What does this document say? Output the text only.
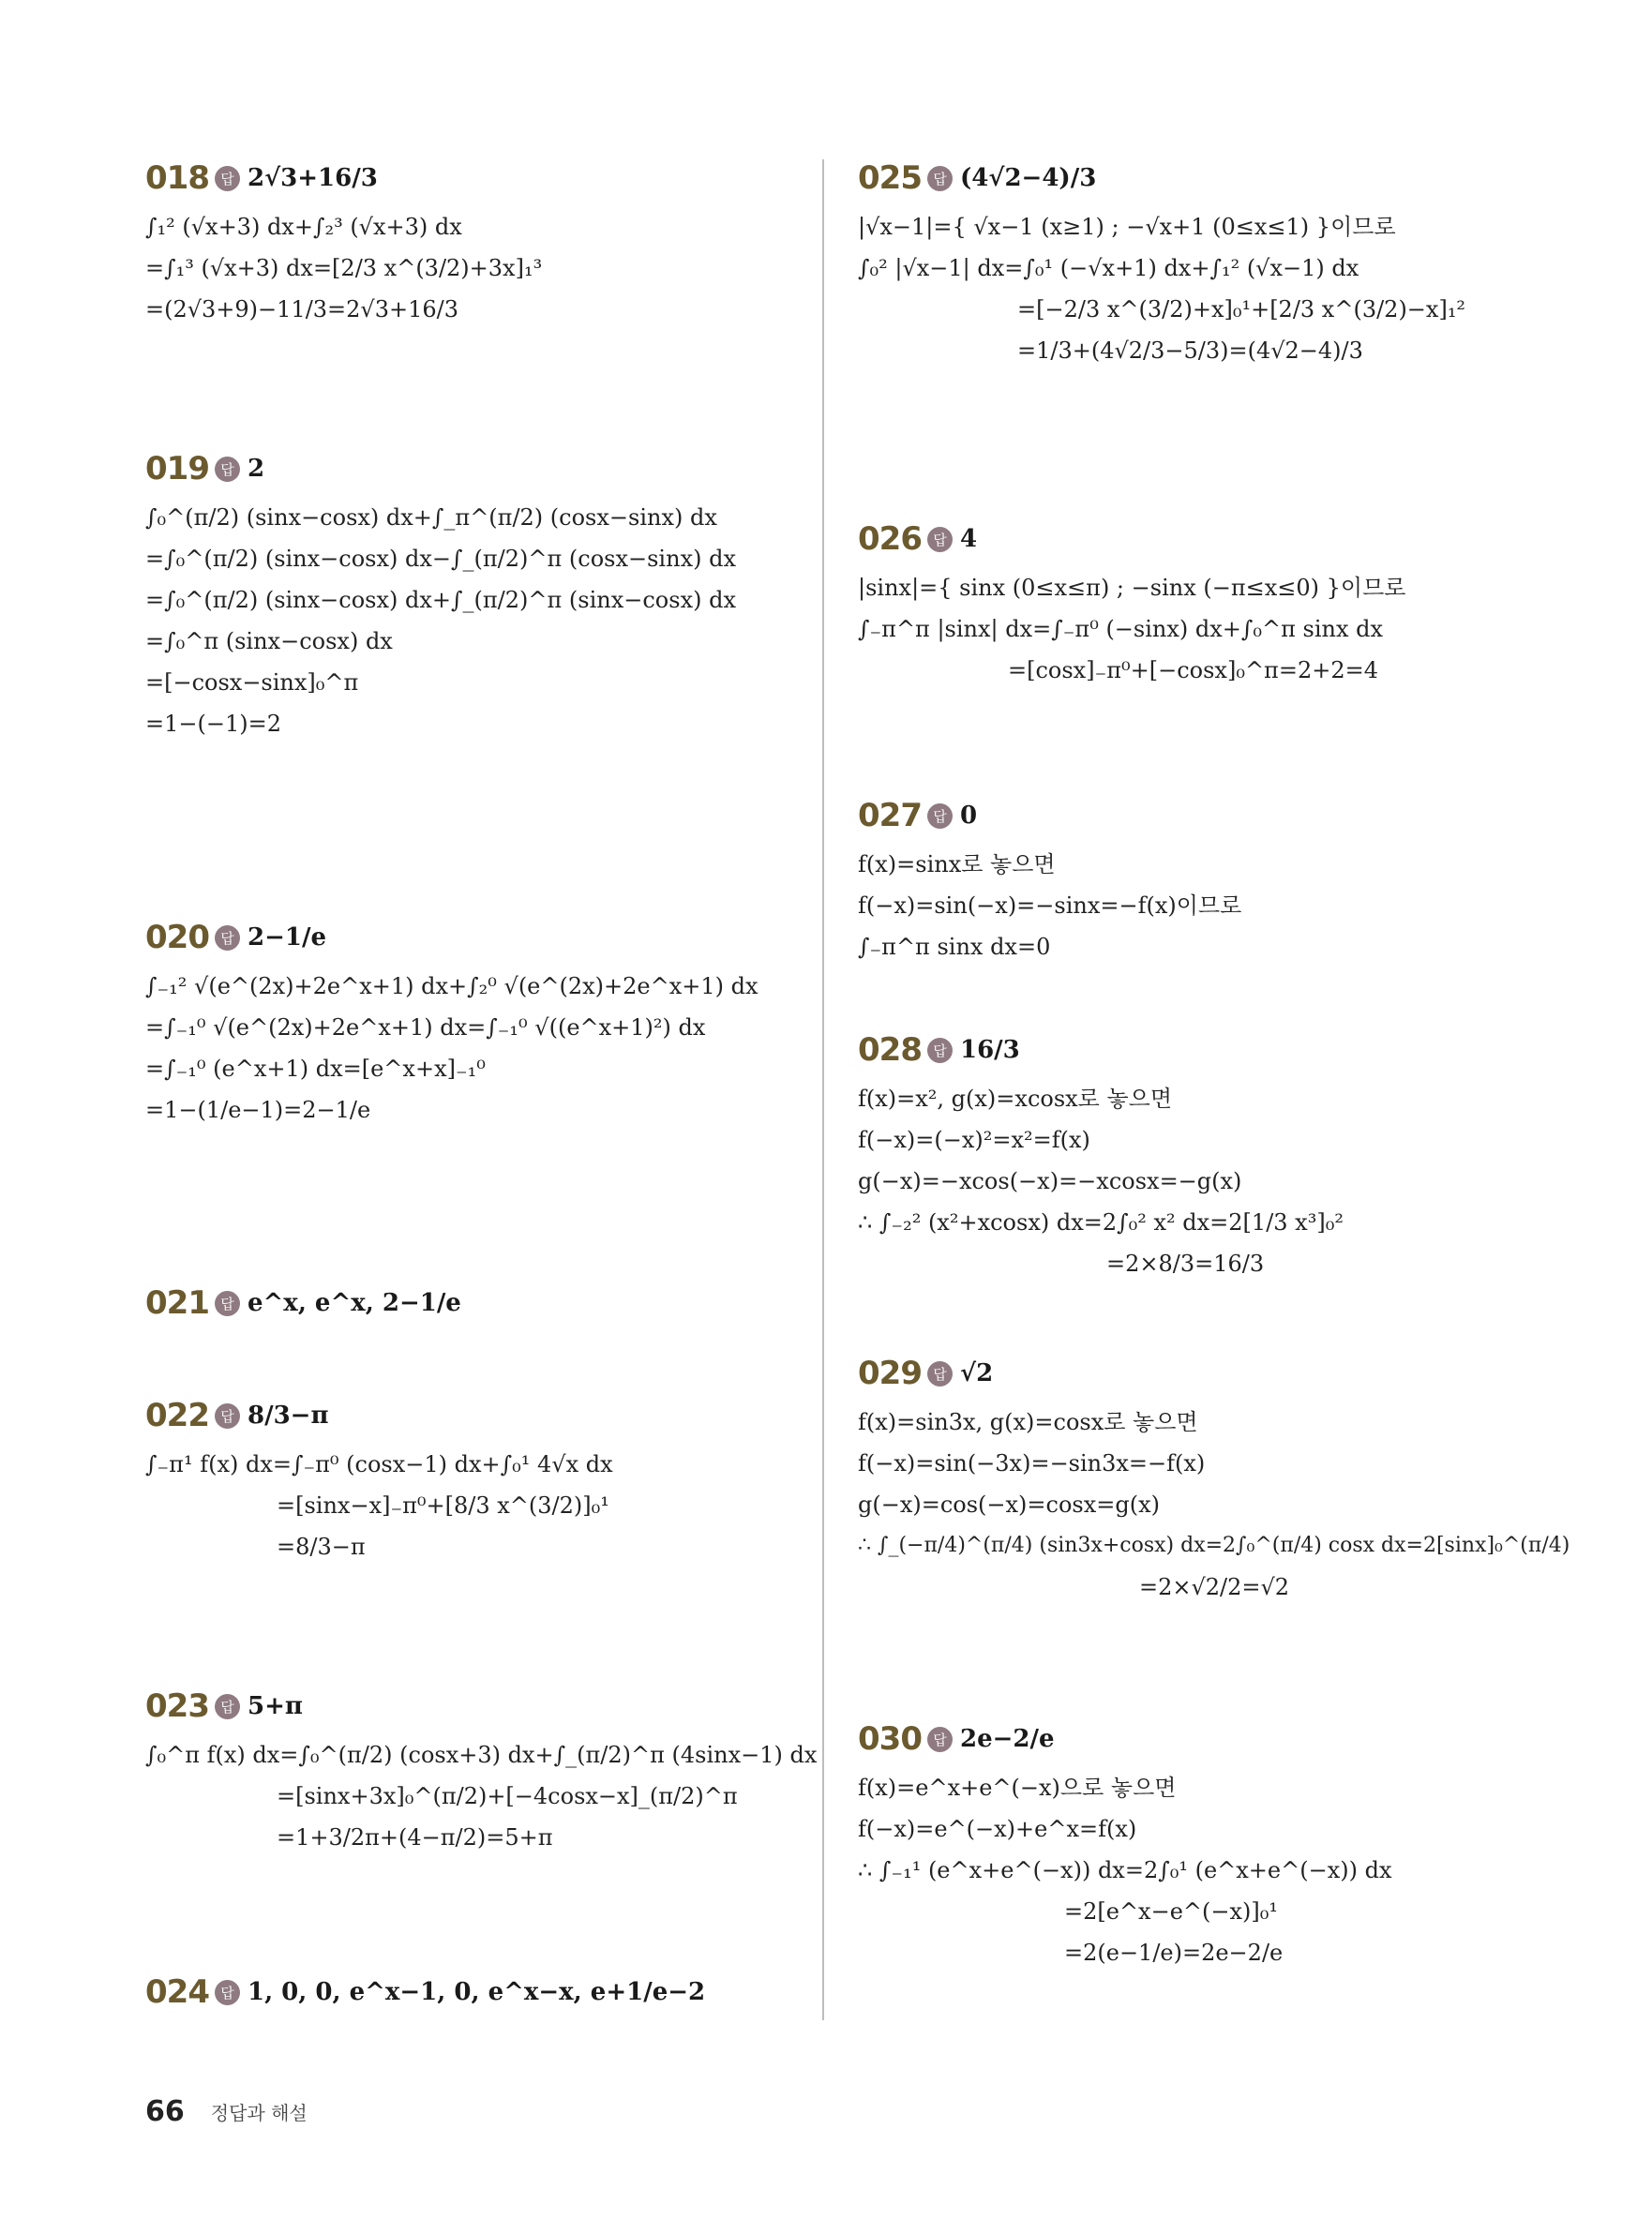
018 답 2√3+16/3
∫₁² (√x+3) dx+∫₂³ (√x+3) dx
=∫₁³ (√x+3) dx=[2/3 x^(3/2)+3x]₁³
=(2√3+9)−11/3=2√3+16/3
019 답 2
∫₀^(π/2) (sinx−cosx) dx+∫_π^(π/2) (cosx−sinx) dx
=∫₀^(π/2) (sinx−cosx) dx−∫_(π/2)^π (cosx−sinx) dx
=∫₀^(π/2) (sinx−cosx) dx+∫_(π/2)^π (sinx−cosx) dx
=∫₀^π (sinx−cosx) dx
=[−cosx−sinx]₀^π
=1−(−1)=2
020 답 2−1/e
∫₋₁² √(e^(2x)+2e^x+1) dx+∫₂⁰ √(e^(2x)+2e^x+1) dx
=∫₋₁⁰ √(e^(2x)+2e^x+1) dx=∫₋₁⁰ √((e^x+1)²) dx
=∫₋₁⁰ (e^x+1) dx=[e^x+x]₋₁⁰
=1−(1/e−1)=2−1/e
021 답 e^x, e^x, 2−1/e
022 답 8/3−π
∫₋π¹ f(x) dx=∫₋π⁰ (cosx−1) dx+∫₀¹ 4√x dx
=[sinx−x]₋π⁰+[8/3 x^(3/2)]₀¹
=8/3−π
023 답 5+π
∫₀^π f(x) dx=∫₀^(π/2) (cosx+3) dx+∫_(π/2)^π (4sinx−1) dx
=[sinx+3x]₀^(π/2)+[−4cosx−x]_(π/2)^π
=1+3/2π+(4−π/2)=5+π
024 답 1, 0, 0, e^x−1, 0, e^x−x, e+1/e−2
025 답 (4√2−4)/3
|√x−1|={ √x−1 (x≥1) ; −√x+1 (0≤x≤1) }이므로
∫₀² |√x−1| dx=∫₀¹ (−√x+1) dx+∫₁² (√x−1) dx
=[−2/3 x^(3/2)+x]₀¹+[2/3 x^(3/2)−x]₁²
=1/3+(4√2/3−5/3)=(4√2−4)/3
026 답 4
|sinx|={ sinx (0≤x≤π) ; −sinx (−π≤x≤0) }이므로
∫₋π^π |sinx| dx=∫₋π⁰ (−sinx) dx+∫₀^π sinx dx
=[cosx]₋π⁰+[−cosx]₀^π=2+2=4
027 답 0
f(x)=sinx로 놓으면
f(−x)=sin(−x)=−sinx=−f(x)이므로
∫₋π^π sinx dx=0
028 답 16/3
f(x)=x², g(x)=xcosx로 놓으면
f(−x)=(−x)²=x²=f(x)
g(−x)=−xcos(−x)=−xcosx=−g(x)
∴ ∫₋₂² (x²+xcosx) dx=2∫₀² x² dx=2[1/3 x³]₀²
=2×8/3=16/3
029 답 √2
f(x)=sin3x, g(x)=cosx로 놓으면
f(−x)=sin(−3x)=−sin3x=−f(x)
g(−x)=cos(−x)=cosx=g(x)
∴ ∫_(−π/4)^(π/4) (sin3x+cosx) dx=2∫₀^(π/4) cosx dx=2[sinx]₀^(π/4)
=2×√2/2=√2
030 답 2e−2/e
f(x)=e^x+e^(−x)으로 놓으면
f(−x)=e^(−x)+e^x=f(x)
∴ ∫₋₁¹ (e^x+e^(−x)) dx=2∫₀¹ (e^x+e^(−x)) dx
=2[e^x−e^(−x)]₀¹
=2(e−1/e)=2e−2/e
66 정답과 해설
